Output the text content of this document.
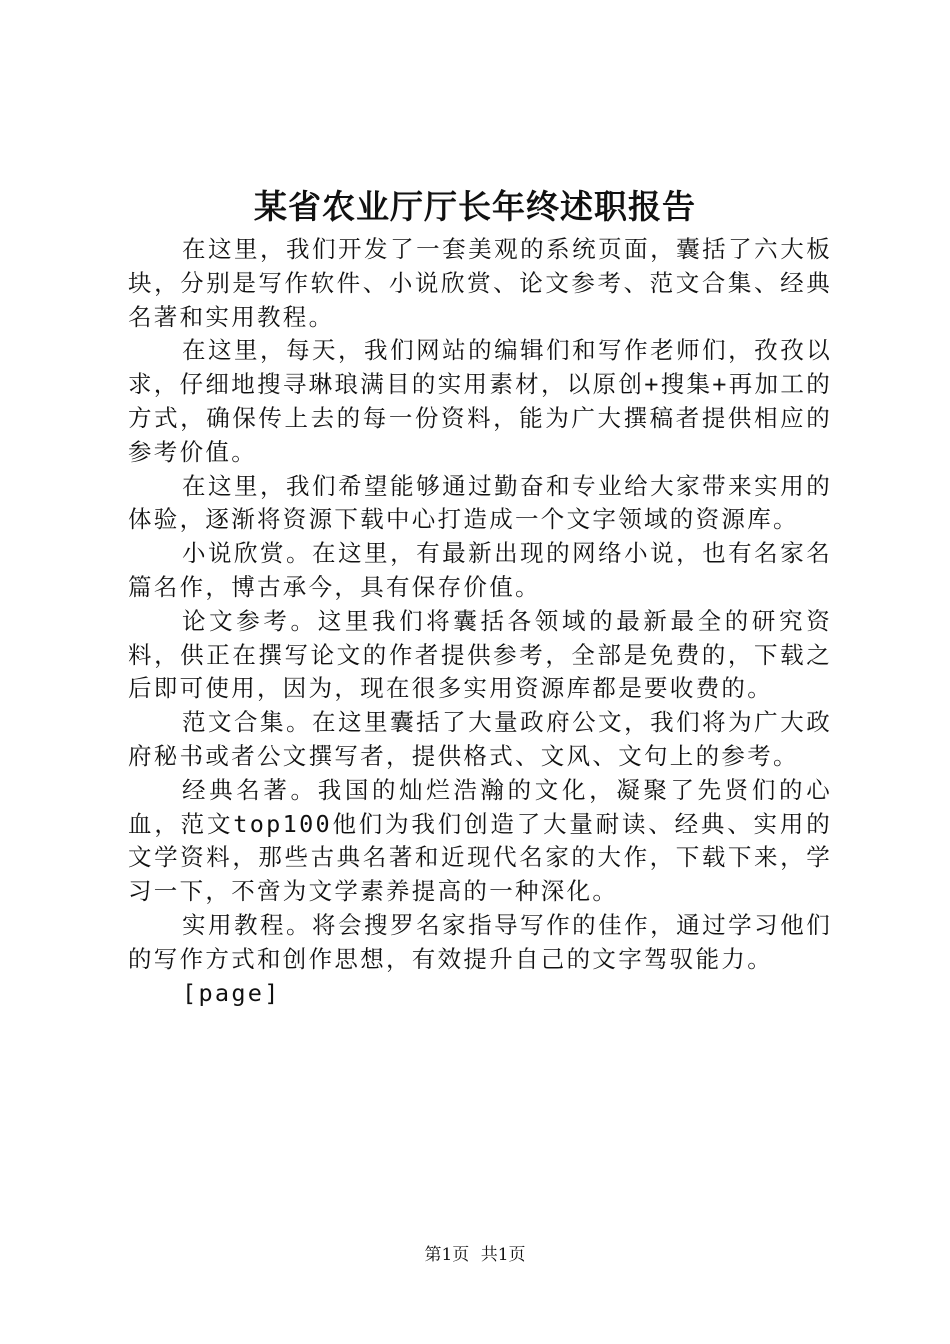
某省农业厅厅长年终述职报告

在这里，我们开发了一套美观的系统页面，囊括了六大板块，分别是写作软件、小说欣赏、论文参考、范文合集、经典名著和实用教程。

在这里，每天，我们网站的编辑们和写作老师们，孜孜以求，仔细地搜寻琳琅满目的实用素材，以原创+搜集+再加工的方式，确保传上去的每一份资料，能为广大撰稿者提供相应的参考价值。

在这里，我们希望能够通过勤奋和专业给大家带来实用的体验，逐渐将资源下载中心打造成一个文字领域的资源库。

小说欣赏。在这里，有最新出现的网络小说，也有名家名篇名作，博古承今，具有保存价值。

论文参考。这里我们将囊括各领域的最新最全的研究资料，供正在撰写论文的作者提供参考，全部是免费的，下载之后即可使用，因为，现在很多实用资源库都是要收费的。

范文合集。在这里囊括了大量政府公文，我们将为广大政府秘书或者公文撰写者，提供格式、文风、文句上的参考。

经典名著。我国的灿烂浩瀚的文化，凝聚了先贤们的心血，范文top100他们为我们创造了大量耐读、经典、实用的文学资料，那些古典名著和近现代名家的大作，下载下来，学习一下，不啻为文学素养提高的一种深化。

实用教程。将会搜罗名家指导写作的佳作，通过学习他们的写作方式和创作思想，有效提升自己的文字驾驭能力。

[page]

第1页 共1页
